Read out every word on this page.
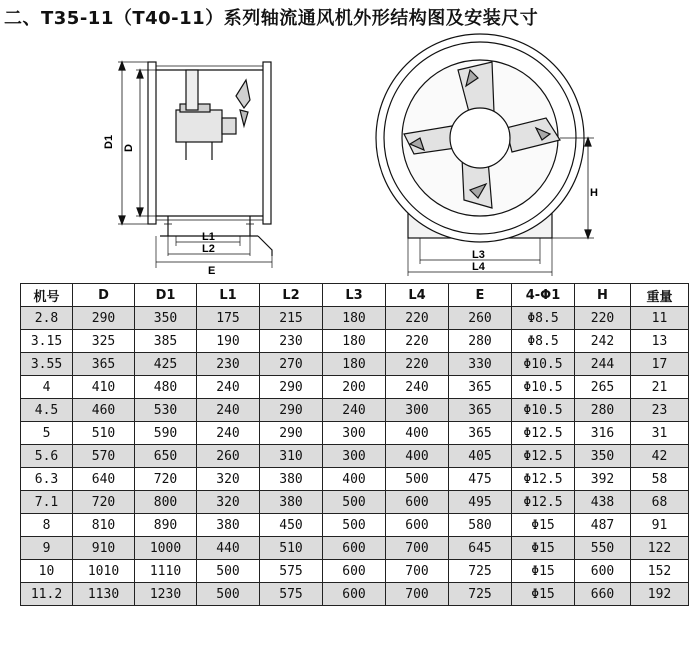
二、T35-11（T40-11）系列轴流通风机外形结构图及安装尺寸
D1 D
L1
L2
E
H
L3
L4
机号	D	D1	L1	L2	L3	L4	E	4-Φ1	H	重量
2.8	290	350	175	215	180	220	260	Φ8.5	220	11
3.15	325	385	190	230	180	220	280	Φ8.5	242	13
3.55	365	425	230	270	180	220	330	Φ10.5	244	17
4	410	480	240	290	200	240	365	Φ10.5	265	21
4.5	460	530	240	290	240	300	365	Φ10.5	280	23
5	510	590	240	290	300	400	365	Φ12.5	316	31
5.6	570	650	260	310	300	400	405	Φ12.5	350	42
6.3	640	720	320	380	400	500	475	Φ12.5	392	58
7.1	720	800	320	380	500	600	495	Φ12.5	438	68
8	810	890	380	450	500	600	580	Φ15	487	91
9	910	1000	440	510	600	700	645	Φ15	550	122
10	1010	1110	500	575	600	700	725	Φ15	600	152
11.2	1130	1230	500	575	600	700	725	Φ15	660	192
